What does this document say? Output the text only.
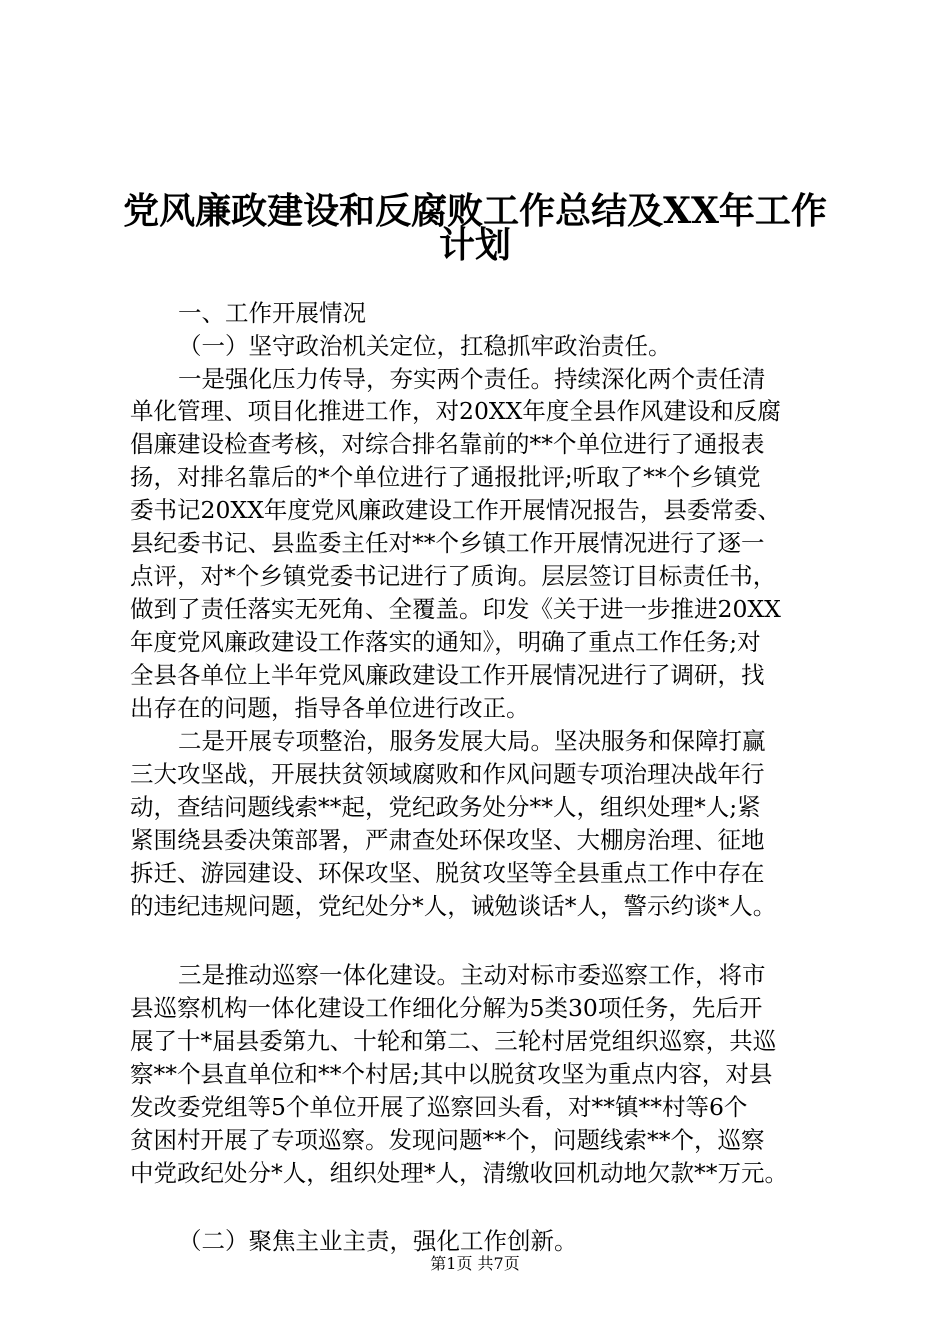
党风廉政建设和反腐败工作总结及XX年工作
计划
一、工作开展情况
（一）坚守政治机关定位，扛稳抓牢政治责任。
一是强化压力传导，夯实两个责任。持续深化两个责任清
单化管理、项目化推进工作，对20XX年度全县作风建设和反腐
倡廉建设检查考核，对综合排名靠前的**个单位进行了通报表
扬，对排名靠后的*个单位进行了通报批评;听取了**个乡镇党
委书记20XX年度党风廉政建设工作开展情况报告，县委常委、
县纪委书记、县监委主任对**个乡镇工作开展情况进行了逐一
点评，对*个乡镇党委书记进行了质询。层层签订目标责任书，
做到了责任落实无死角、全覆盖。印发《关于进一步推进20XX
年度党风廉政建设工作落实的通知》，明确了重点工作任务;对
全县各单位上半年党风廉政建设工作开展情况进行了调研，找
出存在的问题，指导各单位进行改正。
二是开展专项整治，服务发展大局。坚决服务和保障打赢
三大攻坚战，开展扶贫领域腐败和作风问题专项治理决战年行
动，查结问题线索**起，党纪政务处分**人，组织处理*人;紧
紧围绕县委决策部署，严肃查处环保攻坚、大棚房治理、征地
拆迁、游园建设、环保攻坚、脱贫攻坚等全县重点工作中存在
的违纪违规问题，党纪处分*人，诫勉谈话*人，警示约谈*人。
三是推动巡察一体化建设。主动对标市委巡察工作，将市
县巡察机构一体化建设工作细化分解为5类30项任务，先后开
展了十*届县委第九、十轮和第二、三轮村居党组织巡察，共巡
察**个县直单位和**个村居;其中以脱贫攻坚为重点内容，对县
发改委党组等5个单位开展了巡察回头看，对**镇**村等6个
贫困村开展了专项巡察。发现问题**个，问题线索**个，巡察
中党政纪处分*人，组织处理*人，清缴收回机动地欠款**万元。
第1页 共7页
（二）聚焦主业主责，强化工作创新。
